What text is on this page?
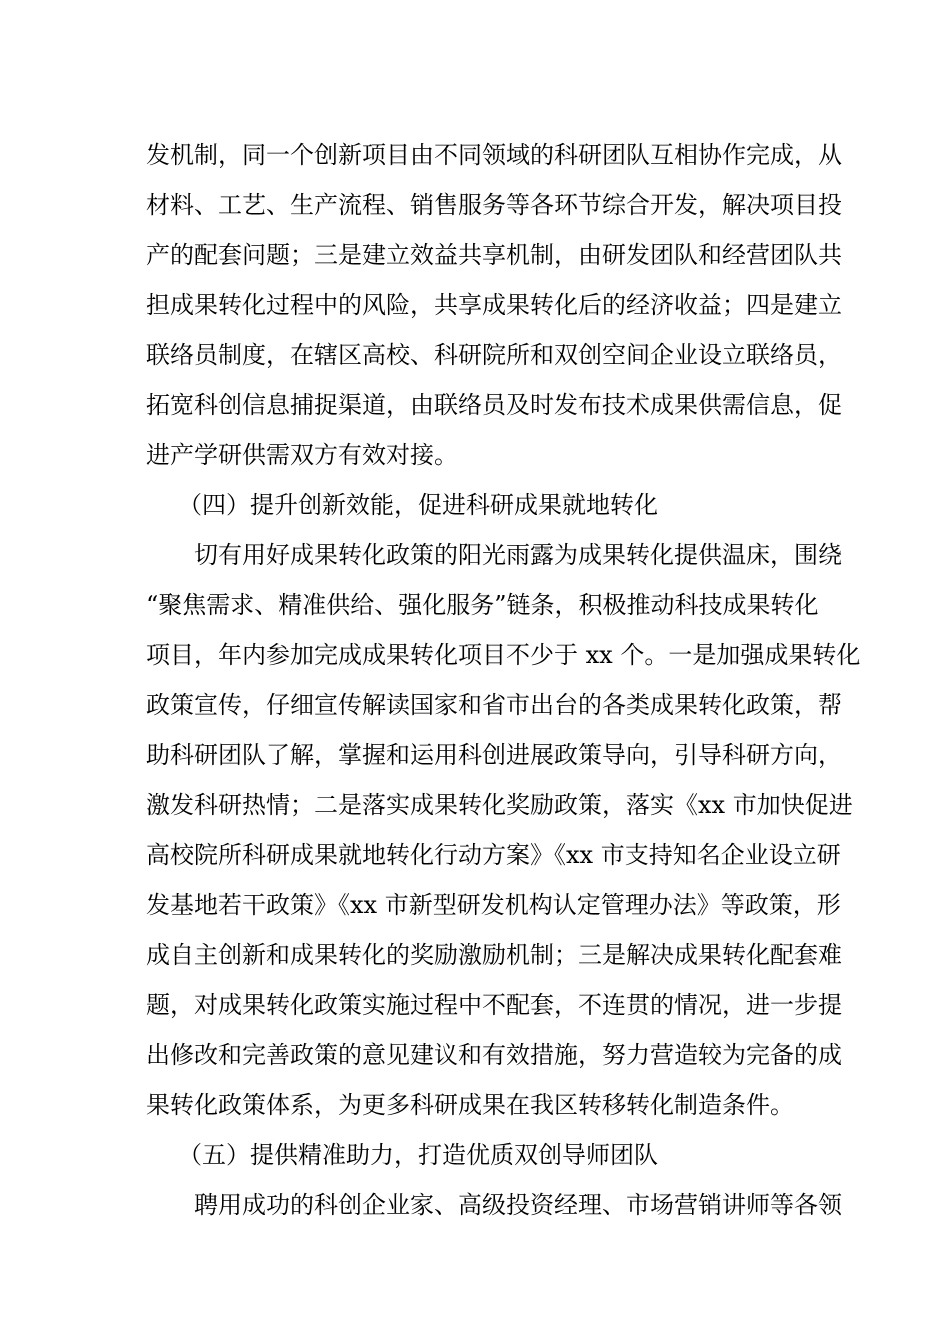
发机制，同一个创新项目由不同领域的科研团队互相协作完成，从
材料、工艺、生产流程、销售服务等各环节综合开发，解决项目投
产的配套问题；三是建立效益共享机制，由研发团队和经营团队共
担成果转化过程中的风险，共享成果转化后的经济收益；四是建立
联络员制度，在辖区高校、科研院所和双创空间企业设立联络员，
拓宽科创信息捕捉渠道，由联络员及时发布技术成果供需信息，促
进产学研供需双方有效对接。
（四）提升创新效能，促进科研成果就地转化
切有用好成果转化政策的阳光雨露为成果转化提供温床，围绕
“聚焦需求、精准供给、强化服务”链条，积极推动科技成果转化
项目，年内参加完成成果转化项目不少于 xx 个。一是加强成果转化
政策宣传，仔细宣传解读国家和省市出台的各类成果转化政策，帮
助科研团队了解，掌握和运用科创进展政策导向，引导科研方向，
激发科研热情；二是落实成果转化奖励政策，落实《xx 市加快促进
高校院所科研成果就地转化行动方案》《xx 市支持知名企业设立研
发基地若干政策》《xx 市新型研发机构认定管理办法》等政策，形
成自主创新和成果转化的奖励激励机制；三是解决成果转化配套难
题，对成果转化政策实施过程中不配套，不连贯的情况，进一步提
出修改和完善政策的意见建议和有效措施，努力营造较为完备的成
果转化政策体系，为更多科研成果在我区转移转化制造条件。
（五）提供精准助力，打造优质双创导师团队
聘用成功的科创企业家、高级投资经理、市场营销讲师等各领
